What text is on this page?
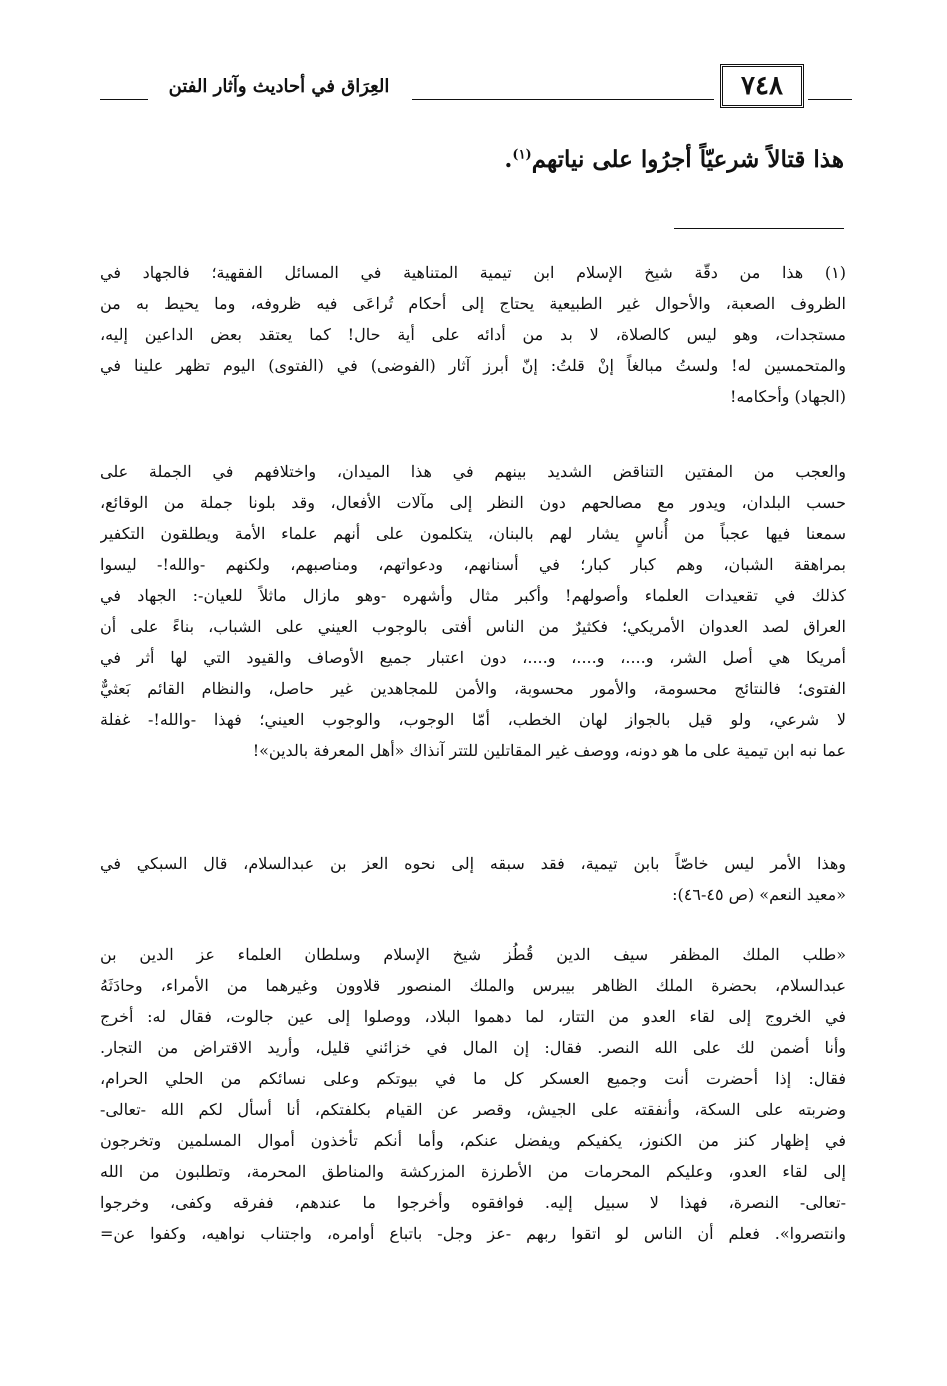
العِرَاق في أحاديث وآثار الفتن	٧٤٨
هذا قتالاً شرعيّاً أجرُوا على نياتهم$^{(١)}$.
(١) هذا من دقّة شيخ الإسلام ابن تيمية المتناهية في المسائل الفقهية؛ فالجهاد في
الظروف الصعبة، والأحوال غير الطبيعية يحتاج إلى أحكام تُراعَى فيه ظروفه، وما يحيط به من
مستجدات، وهو ليس كالصلاة، لا بد من أدائه على أية حال! كما يعتقد بعض الداعين إليه،
والمتحمسين له! ولستُ مبالغاً إنْ قلتُ: إنّ أبرز آثار (الفوضى) في (الفتوى) اليوم تظهر علينا في
(الجهاد) وأحكامه!
والعجب من المفتين التناقض الشديد بينهم في هذا الميدان، واختلافهم في الجملة على
حسب البلدان، ويدور مع مصالحهم دون النظر إلى مآلات الأفعال، وقد بلونا جملة من الوقائع،
سمعنا فيها عجباً من أُناسٍ يشار لهم بالبنان، يتكلمون على أنهم علماء الأمة ويطلقون التكفير
بمراهقة الشبان، وهم كبار كبار؛ في أسنانهم، ودعواتهم، ومناصبهم، ولكنهم -والله!- ليسوا
كذلك في تقعيدات العلماء وأصولهم! وأكبر مثال وأشهره -وهو مازال ماثلاً للعيان-: الجهاد في
العراق لصد العدوان الأمريكي؛ فكثيرٌ من الناس أفتى بالوجوب العيني على الشباب، بناءً على أن
أمريكا هي أصل الشر، و....، و....، و....، دون اعتبار جميع الأوصاف والقيود التي لها أثر في
الفتوى؛ فالنتائج محسومة، والأمور محسوبة، والأمن للمجاهدين غير حاصل، والنظام القائم بَعثيٌّ
لا شرعي، ولو قيل بالجواز لهان الخطب، أمّا الوجوب، والوجوب العيني؛ فهذا -والله!- غفلة
عما نبه ابن تيمية على ما هو دونه، ووصف غير المقاتلين للتتر آنذاك «أهل المعرفة بالدين»!
وهذا الأمر ليس خاصّاً بابن تيمية، فقد سبقه إلى نحوه العز بن عبدالسلام، قال السبكي في
«معيد النعم» (ص ٤٥-٤٦):
«طلب الملك المظفر سيف الدين قُطُز شيخ الإسلام وسلطان العلماء عز الدين بن
عبدالسلام، بحضرة الملك الظاهر بيبرس والملك المنصور قلاوون وغيرهما من الأمراء، وحادَثَهُ
في الخروج إلى لقاء العدو من التتار، لما دهموا البلاد، ووصلوا إلى عين جالوت، فقال له: أخرج
وأنا أضمن لك على الله النصر. فقال: إن المال في خزائني قليل، وأريد الاقتراض من التجار.
فقال: إذا أحضرت أنت وجميع العسكر كل ما في بيوتكم وعلى نسائكم من الحلي الحرام،
وضربته على السكة، وأنفقته على الجيش، وقصر عن القيام بكلفتكم، أنا أسأل لكم الله -تعالى-
في إظهار كنز من الكنوز، يكفيكم ويفضل عنكم، وأما أنكم تأخذون أموال المسلمين وتخرجون
إلى لقاء العدو، وعليكم المحرمات من الأطرزة المزركشة والمناطق المحرمة، وتطلبون من الله
-تعالى- النصرة، فهذا لا سبيل إليه. فوافقوه وأخرجوا ما عندهم، ففرقه وكفى، وخرجوا
وانتصروا». فعلم أن الناس لو اتقوا ربهم -عز وجل- باتباع أوامره، واجتناب نواهيه، وكفوا عن=
